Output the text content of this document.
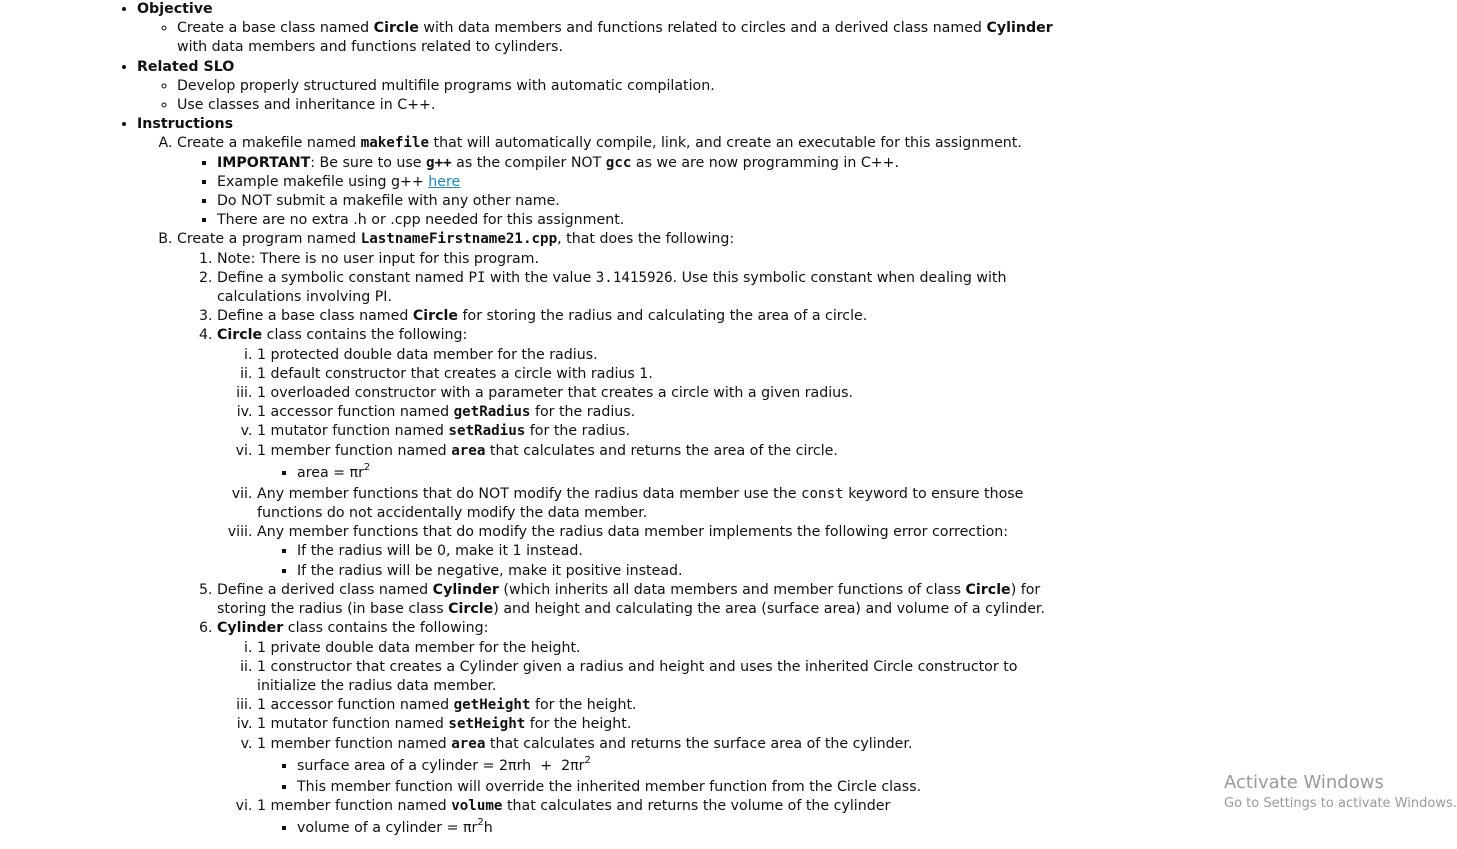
• Objective
◦ Create a base class named Circle with data members and functions related to circles and a derived class named Cylinder with data members and functions related to cylinders.
• Related SLO
◦ Develop properly structured multifile programs with automatic compilation.
◦ Use classes and inheritance in C++.
• Instructions
A. Create a makefile named makefile that will automatically compile, link, and create an executable for this assignment.
▪ IMPORTANT: Be sure to use g++ as the compiler NOT gcc as we are now programming in C++.
▪ Example makefile using g++ here
▪ Do NOT submit a makefile with any other name.
▪ There are no extra .h or .cpp needed for this assignment.
B. Create a program named LastnameFirstname21.cpp, that does the following:
1. Note: There is no user input for this program.
2. Define a symbolic constant named PI with the value 3.1415926. Use this symbolic constant when dealing with calculations involving PI.
3. Define a base class named Circle for storing the radius and calculating the area of a circle.
4. Circle class contains the following:
i. 1 protected double data member for the radius.
ii. 1 default constructor that creates a circle with radius 1.
iii. 1 overloaded constructor with a parameter that creates a circle with a given radius.
iv. 1 accessor function named getRadius for the radius.
v. 1 mutator function named setRadius for the radius.
vi. 1 member function named area that calculates and returns the area of the circle.
▪ area = $\pi r^2$
vii. Any member functions that do NOT modify the radius data member use the const keyword to ensure those functions do not accidentally modify the data member.
viii. Any member functions that do modify the radius data member implements the following error correction:
▪ If the radius will be 0, make it 1 instead.
▪ If the radius will be negative, make it positive instead.
5. Define a derived class named Cylinder (which inherits all data members and member functions of class Circle) for storing the radius (in base class Circle) and height and calculating the area (surface area) and volume of a cylinder.
6. Cylinder class contains the following:
i. 1 private double data member for the height.
ii. 1 constructor that creates a Cylinder given a radius and height and uses the inherited Circle constructor to initialize the radius data member.
iii. 1 accessor function named getHeight for the height.
iv. 1 mutator function named setHeight for the height.
v. 1 member function named area that calculates and returns the surface area of the cylinder.
▪ surface area of a cylinder = $2\pi rh + 2\pi r^2$
▪ This member function will override the inherited member function from the Circle class.
vi. 1 member function named volume that calculates and returns the volume of the cylinder
▪ volume of a cylinder = $\pi r^2h$
Activate Windows
Go to Settings to activate Windows.
